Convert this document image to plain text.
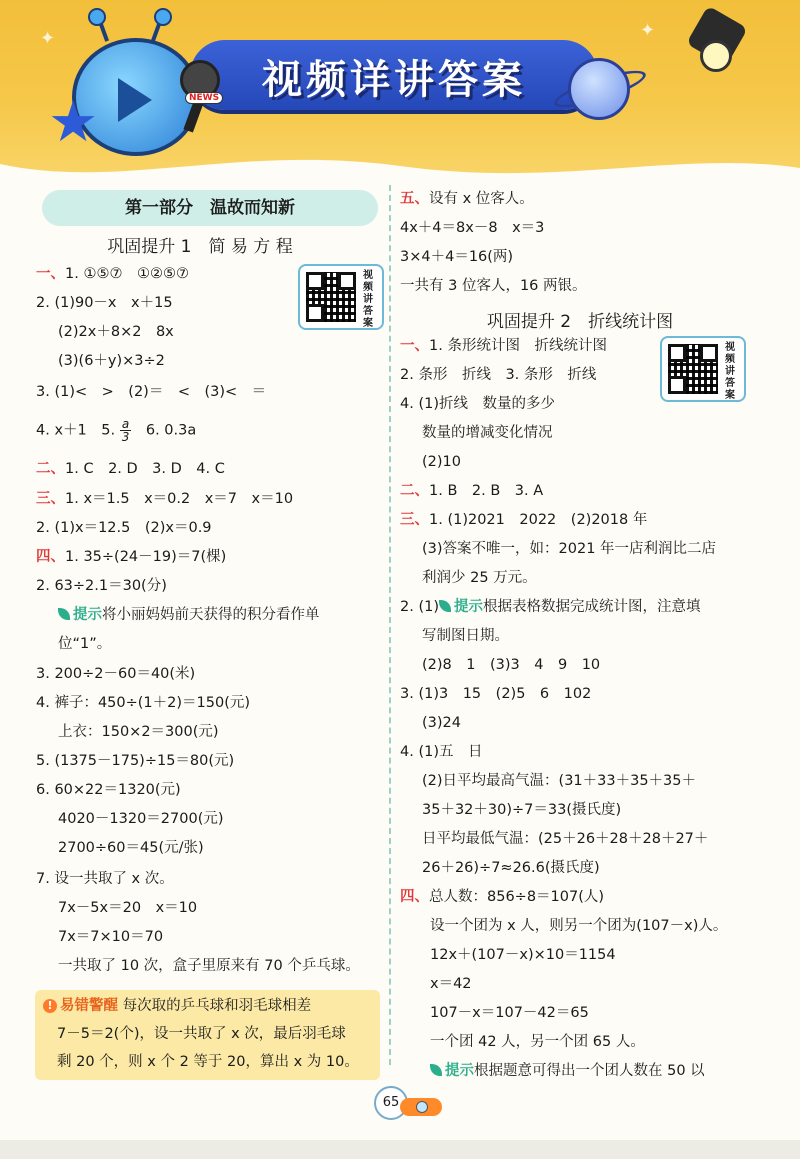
✦	✦
★
视频详讲答案
NEWS
第一部分　温故而知新
巩固提升 1　简 易 方 程
视频讲答案
一、1. ①⑤⑦　①②⑤⑦
2. (1)90－x　x＋15
(2)2x＋8×2　8x
(3)(6＋y)×3÷2
3. (1)<　>　(2)＝　<　(3)<　＝
4. x＋1　5. $\frac{a}{3}$ 　6. 0.3a
二、1. C　2. D　3. D　4. C
三、1. x＝1.5　x＝0.2　x＝7　x＝10
2. (1)x＝12.5　(2)x＝0.9
四、1. 35÷(24－19)＝7(棵)
2. 63÷2.1＝30(分)
提示将小丽妈妈前天获得的积分看作单
位“1”。
3. 200÷2－60＝40(米)
4. 裤子：450÷(1＋2)＝150(元)
上衣：150×2＝300(元)
5. (1375－175)÷15＝80(元)
6. 60×22＝1320(元)
4020－1320＝2700(元)
2700÷60＝45(元/张)
7. 设一共取了 x 次。
7x－5x＝20　x＝10
7x＝7×10＝70
一共取了 10 次，盒子里原来有 70 个乒乓球。
! 易错警醒 每次取的乒乓球和羽毛球相差
7－5＝2(个)，设一共取了 x 次，最后羽毛球
剩 20 个，则 x 个 2 等于 20，算出 x 为 10。
五、设有 x 位客人。
4x＋4＝8x－8　x＝3
3×4＋4＝16(两)
一共有 3 位客人，16 两银。
巩固提升 2　折线统计图
视频讲答案
一、1. 条形统计图　折线统计图
2. 条形　折线　3. 条形　折线
4. (1)折线　数量的多少
数量的增减变化情况
(2)10
二、1. B　2. B　3. A
三、1. (1)2021　2022　(2)2018 年
(3)答案不唯一，如：2021 年一店利润比二店
利润少 25 万元。
2. (1) 提示根据表格数据完成统计图，注意填
写制图日期。
(2)8　1　(3)3　4　9　10
3. (1)3　15　(2)5　6　102
(3)24
4. (1)五　日
(2)日平均最高气温：(31＋33＋35＋35＋
35＋32＋30)÷7＝33(摄氏度)
日平均最低气温：(25＋26＋28＋28＋27＋
26＋26)÷7≈26.6(摄氏度)
四、总人数：856÷8＝107(人)
设一个团为 x 人，则另一个团为(107－x)人。
12x＋(107－x)×10＝1154
x＝42
107－x＝107－42＝65
一个团 42 人，另一个团 65 人。
提示根据题意可得出一个团人数在 50 以
65
